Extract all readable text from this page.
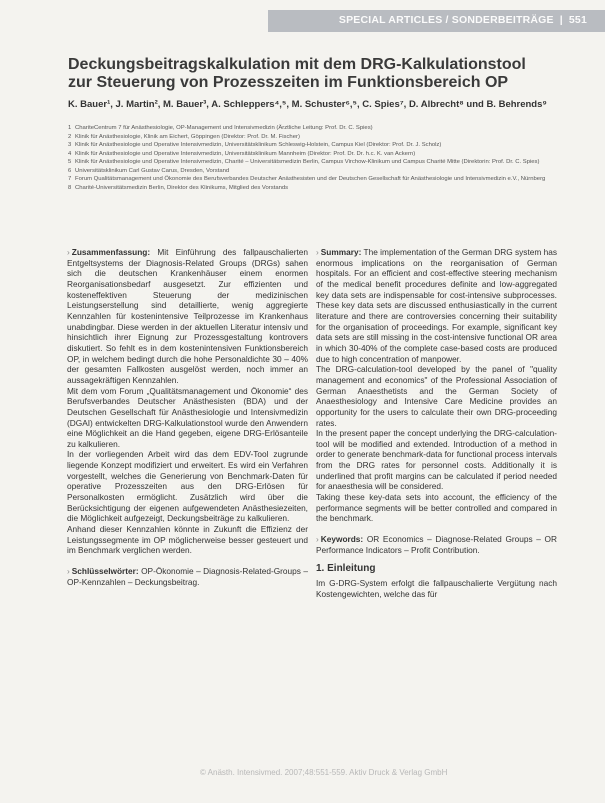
SPECIAL ARTICLES / SONDERBEITRÄGE | 551
Deckungsbeitragskalkulation mit dem DRG-Kalkulationstool
zur Steuerung von Prozesszeiten im Funktionsbereich OP
K. Bauer¹, J. Martin², M. Bauer³, A. Schleppers⁴,⁵, M. Schuster⁶,⁵, C. Spies⁷, D. Albrecht⁸ und B. Behrends⁹
1 ChariteCentrum 7 für Anästhesiologie, OP-Management und Intensivmedizin (Ärztliche Leitung: Prof. Dr. C. Spies)
2 Klinik für Anästhesiologie, Klinik am Eichert, Göppingen (Direktor: Prof. Dr. M. Fischer)
3 Klinik für Anästhesiologie und Operative Intensivmedizin, Universitätsklinikum Schleswig-Holstein, Campus Kiel (Direktor: Prof. Dr. J. Scholz)
4 Klinik für Anästhesiologie und Operative Intensivmedizin, Universitätsklinikum Mannheim (Direktor: Prof. Dr. Dr. h.c. K. van Ackern)
5 Klinik für Anästhesiologie und Operative Intensivmedizin, Charité – Universitätsmedizin Berlin, Campus Virchow-Klinikum und Campus Charité Mitte (Direktorin: Prof. Dr. C. Spies)
6 Universitätsklinikum Carl Gustav Carus, Dresden, Vorstand
7 Forum Qualitätsmanagement und Ökonomie des Berufsverbandes Deutscher Anästhesisten und der Deutschen Gesellschaft für Anästhesiologie und Intensivmedizin e.V., Nürnberg
8 Charité-Universitätsmedizin Berlin, Direktor des Klinikums, Mitglied des Vorstands

› Zusammenfassung: Mit Einführung des fallpauschalierten Entgeltsystems der Diagnosis-Related Groups (DRGs) sahen sich die deutschen Krankenhäuser einem enormen Reorganisationsbedarf ausgesetzt. Zur effizienten und kosteneffektiven Steuerung der medizinischen Leistungserstellung sind detaillierte, wenig aggregierte Kennzahlen für kostenintensive Teilprozesse im Krankenhaus unabdingbar. Diese werden in der aktuellen Literatur intensiv und hinsichtlich ihrer Eignung zur Prozessgestaltung kontrovers diskutiert. So fehlt es in dem kostenintensiven Funktionsbereich OP, in welchem bedingt durch die hohe Personaldichte 30 – 40% der gesamten Fallkosten ausgelöst werden, noch immer an aussagekräftigen Kennzahlen.

Mit dem vom Forum „Qualitätsmanagement und Ökonomie“ des Berufsverbandes Deutscher Anästhesisten (BDA) und der Deutschen Gesellschaft für Anästhesiologie und Intensivmedizin (DGAI) entwickelten DRG-Kalkulationstool wurde den Anwendern eine Möglichkeit an die Hand gegeben, eigene DRG-Erlösanteile zu kalkulieren.

In der vorliegenden Arbeit wird das dem EDV-Tool zugrunde liegende Konzept modifiziert und erweitert. Es wird ein Verfahren vorgestellt, welches die Generierung von Benchmark-Daten für operative Prozesszeiten aus den DRG-Erlösen für Personalkosten ermöglicht. Zusätzlich wird über die Berücksichtigung der eigenen aufgewendeten Anästhesiezeiten, die Möglichkeit aufgezeigt, Deckungsbeiträge zu kalkulieren.

Anhand dieser Kennzahlen könnte in Zukunft die Effizienz der Leistungssegmente im OP möglicherweise besser gesteuert und im Benchmark verglichen werden.

› Schlüsselwörter: OP-Ökonomie – Diagnosis-Related-Groups – OP-Kennzahlen – Deckungsbeitrag.

› Summary: The implementation of the German DRG system has enormous implications on the reorganisation of German hospitals. For an efficient and cost-effective steering mechanism of the medical benefit procedures definite and low-aggregated key data sets are indispensable for cost-intensive subprocesses. These key data sets are discussed enthusiastically in the current literature and there are controversies concerning their suitability for the organisation of proceedings. For example, significant key data sets are still missing in the cost-intensive functional OR area in which 30-40% of the complete case-based costs are produced due to high concentration of manpower.

The DRG-calculation-tool developed by the panel of "quality management and economics" of the Professional Association of German Anaesthetists and the German Society of Anaesthesiology and Intensive Care Medicine provides an opportunity for the users to calculate their own DRG-proceeding rates.

In the present paper the concept underlying the DRG-calculation-tool will be modified and extended. Introduction of a method in order to generate benchmark-data for functional process intervals from the DRG rates for personnel costs. Additionally it is underlined that profit margins can be calculated if period needed for anaesthesia will be considered.

Taking these key-data sets into account, the efficiency of the performance segments will be better controlled and compared in the benchmark.

› Keywords: OR Economics – Diagnose-Related Groups – OR Performance Indicators – Profit Contribution.

1. Einleitung

Im G-DRG-System erfolgt die fallpauschalierte Vergütung nach Kostengewichten, welche das für

© Anästh. Intensivmed. 2007;48:551-559. Aktiv Druck & Verlag GmbH
